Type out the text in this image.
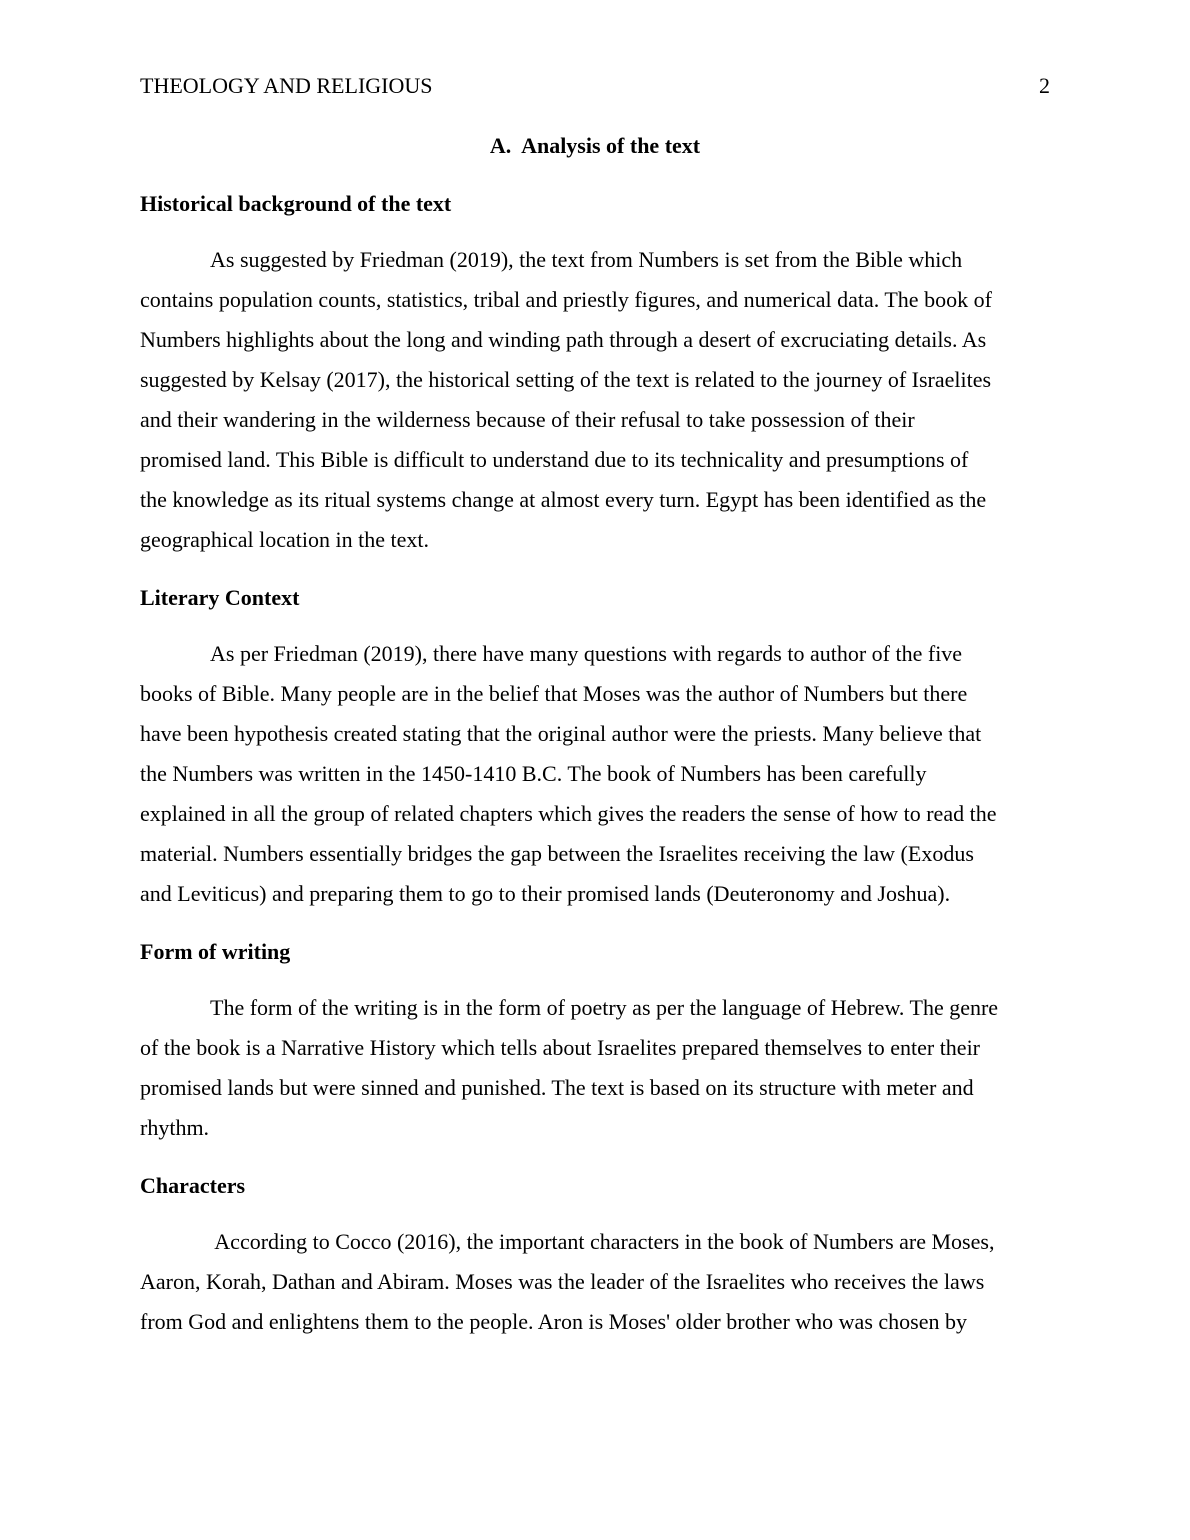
THEOLOGY AND RELIGIOUS	2
A.  Analysis of the text
Historical background of the text
As suggested by Friedman (2019), the text from Numbers is set from the Bible which
contains population counts, statistics, tribal and priestly figures, and numerical data. The book of
Numbers highlights about the long and winding path through a desert of excruciating details. As
suggested by Kelsay (2017), the historical setting of the text is related to the journey of Israelites
and their wandering in the wilderness because of their refusal to take possession of their
promised land. This Bible is difficult to understand due to its technicality and presumptions of
the knowledge as its ritual systems change at almost every turn. Egypt has been identified as the
geographical location in the text.
Literary Context
As per Friedman (2019), there have many questions with regards to author of the five
books of Bible. Many people are in the belief that Moses was the author of Numbers but there
have been hypothesis created stating that the original author were the priests. Many believe that
the Numbers was written in the 1450-1410 B.C. The book of Numbers has been carefully
explained in all the group of related chapters which gives the readers the sense of how to read the
material. Numbers essentially bridges the gap between the Israelites receiving the law (Exodus
and Leviticus) and preparing them to go to their promised lands (Deuteronomy and Joshua).
Form of writing
The form of the writing is in the form of poetry as per the language of Hebrew. The genre
of the book is a Narrative History which tells about Israelites prepared themselves to enter their
promised lands but were sinned and punished. The text is based on its structure with meter and
rhythm.
Characters
According to Cocco (2016), the important characters in the book of Numbers are Moses,
Aaron, Korah, Dathan and Abiram. Moses was the leader of the Israelites who receives the laws
from God and enlightens them to the people. Aron is Moses' older brother who was chosen by
